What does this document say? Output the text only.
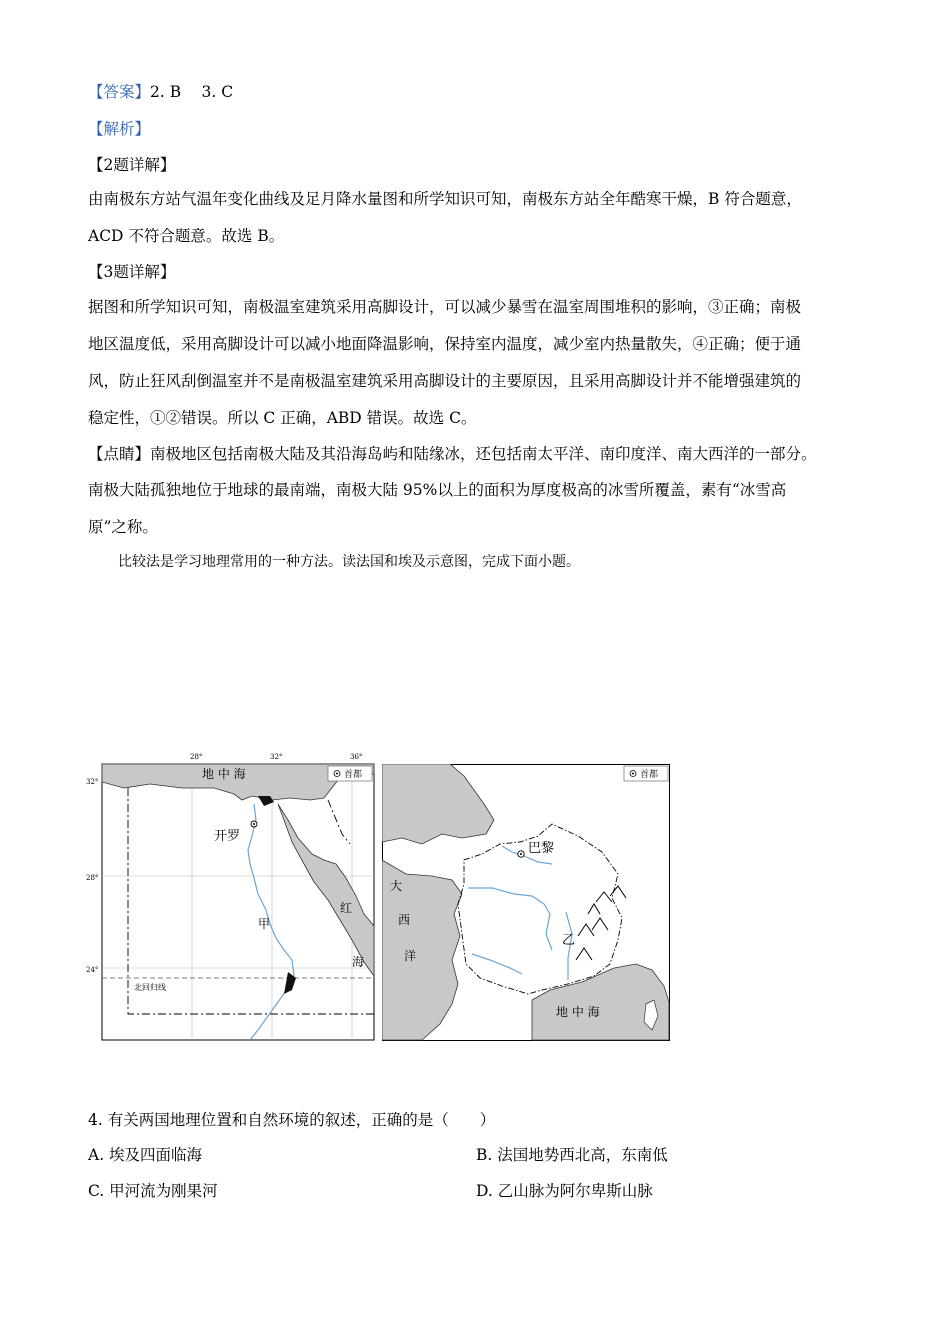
【答案】2. B  3. C
【解析】
【2题详解】
由南极东方站气温年变化曲线及足月降水量图和所学知识可知，南极东方站全年酷寒干燥，B 符合题意，
ACD 不符合题意。故选 B。
【3题详解】
据图和所学知识可知，南极温室建筑采用高脚设计，可以减少暴雪在温室周围堆积的影响，③正确；南极
地区温度低，采用高脚设计可以减小地面降温影响，保持室内温度，减少室内热量散失，④正确；便于通
风，防止狂风刮倒温室并不是南极温室建筑采用高脚设计的主要原因，且采用高脚设计并不能增强建筑的
稳定性，①②错误。所以 C 正确，ABD 错误。故选 C。
【点睛】南极地区包括南极大陆及其沿海岛屿和陆缘冰，还包括南太平洋、南印度洋、南大西洋的一部分。
南极大陆孤独地位于地球的最南端，南极大陆 95%以上的面积为厚度极高的冰雪所覆盖，素有“冰雪高
原”之称。
比较法是学习地理常用的一种方法。读法国和埃及示意图，完成下面小题。
28°	32°	36°
32°
28°
24°
首都
地 中 海
开罗
甲
红
海
北回归线
首都
巴黎
大
西
洋
乙
地 中 海
4. 有关两国地理位置和自然环境的叙述，正确的是（  ）
A. 埃及四面临海	B. 法国地势西北高，东南低
C. 甲河流为刚果河	D. 乙山脉为阿尔卑斯山脉
